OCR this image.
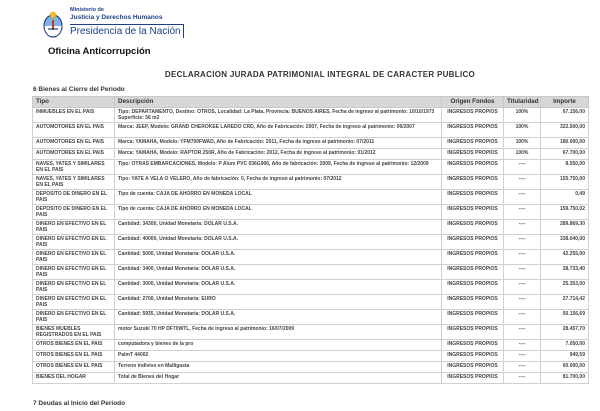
Ministerio de
Justicia y Derechos Humanos
Presidencia de la Nación
Oficina Anticorrupción
DECLARACION JURADA PATRIMONIAL INTEGRAL DE CARACTER PUBLICO
6 Bienes al Cierre del Periodo
Tipo	Descripción	Origen Fondos	Titularidad	Importe
INMUEBLES EN EL PAIS	Tipo: DEPARTAMENTO, Destino: OTROS, Localidad: La Plata, Provincia: BUENOS AIRES, Fecha de ingreso al patrimonio: 10/10/1973 Superficie: 56 m2	INGRESOS PROPIOS	100%	67.156,00
AUTOMOTORES EN EL PAIS	Marca: JEEP, Modelo: GRAND CHEROKEE LAREDO CRD, Año de Fabricación: 2007, Fecha de ingreso al patrimonio: 06/2007	INGRESOS PROPIOS	100%	322.500,00
AUTOMOTORES EN EL PAIS	Marca: YAMAHA, Modelo: YFM700FWAD, Año de Fabricación: 2011, Fecha de ingreso al patrimonio: 07/2011	INGRESOS PROPIOS	100%	180.000,00
AUTOMOTORES EN EL PAIS	Marca: YAMAHA, Modelo: RAPTOR 250R, Año de Fabricación: 2012, Fecha de ingreso al patrimonio: 01/2012	INGRESOS PROPIOS	100%	67.700,00
NAVES, YATES Y SIMILARES EN EL PAIS	Tipo: OTRAS EMBARCACIONES, Modelo: P Alum PVC 036G906, Año de fabricación: 2009, Fecha de ingreso al patrimonio: 12/2009	INGRESOS PROPIOS	----	8.550,00
NAVES, YATES Y SIMILARES EN EL PAIS	Tipo: YATE A VELA O VELERO, Año de fabricación: 0, Fecha de ingreso al patrimonio: 07/2012	INGRESOS PROPIOS	----	155.750,00
DEPOSITO DE DINERO EN EL PAIS	Tipo de cuenta: CAJA DE AHORRO EN MONEDA LOCAL	INGRESOS PROPIOS	----	0,49
DEPOSITO DE DINERO EN EL PAIS	Tipo de cuenta: CAJA DE AHORRO EN MONEDA LOCAL	INGRESOS PROPIOS	----	159.750,02
DINERO EN EFECTIVO EN EL PAIS	Cantidad: 34300, Unidad Monetaria: DOLAR U.S.A.	INGRESOS PROPIOS	----	289.869,30
DINERO EN EFECTIVO EN EL PAIS	Cantidad: 40000, Unidad Monetaria: DOLAR U.S.A.	INGRESOS PROPIOS	----	338.040,00
DINERO EN EFECTIVO EN EL PAIS	Cantidad: 5000, Unidad Monetaria: DOLAR U.S.A.	INGRESOS PROPIOS	----	42.255,00
DINERO EN EFECTIVO EN EL PAIS	Cantidad: 3400, Unidad Monetaria: DOLAR U.S.A.	INGRESOS PROPIOS	----	28.733,40
DINERO EN EFECTIVO EN EL PAIS	Cantidad: 3000, Unidad Monetaria: DOLAR U.S.A.	INGRESOS PROPIOS	----	25.353,00
DINERO EN EFECTIVO EN EL PAIS	Cantidad: 2700, Unidad Monetaria: EURO	INGRESOS PROPIOS	----	27.714,42
DINERO EN EFECTIVO EN EL PAIS	Cantidad: 5935, Unidad Monetaria: DOLAR U.S.A.	INGRESOS PROPIOS	----	50.156,69
BIENES MUEBLES REGISTRADOS EN EL PAIS	motor Suzuki 70 HP DF70WTL, Fecha de ingreso al patrimonio: 16/07/2009	INGRESOS PROPIOS	----	28.457,70
OTROS BIENES EN EL PAIS	computadora y bienes de la pro	INGRESOS PROPIOS	----	7.050,00
OTROS BIENES EN EL PAIS	PalmT 44002	INGRESOS PROPIOS	----	949,59
OTROS BIENES EN EL PAIS	Terreno indiviso en Malligasta	INGRESOS PROPIOS	----	60.000,00
BIENES DEL HOGAR	Total de Bienes del Hogar	INGRESOS PROPIOS	----	81.700,00
7 Deudas al Inicio del Periodo
